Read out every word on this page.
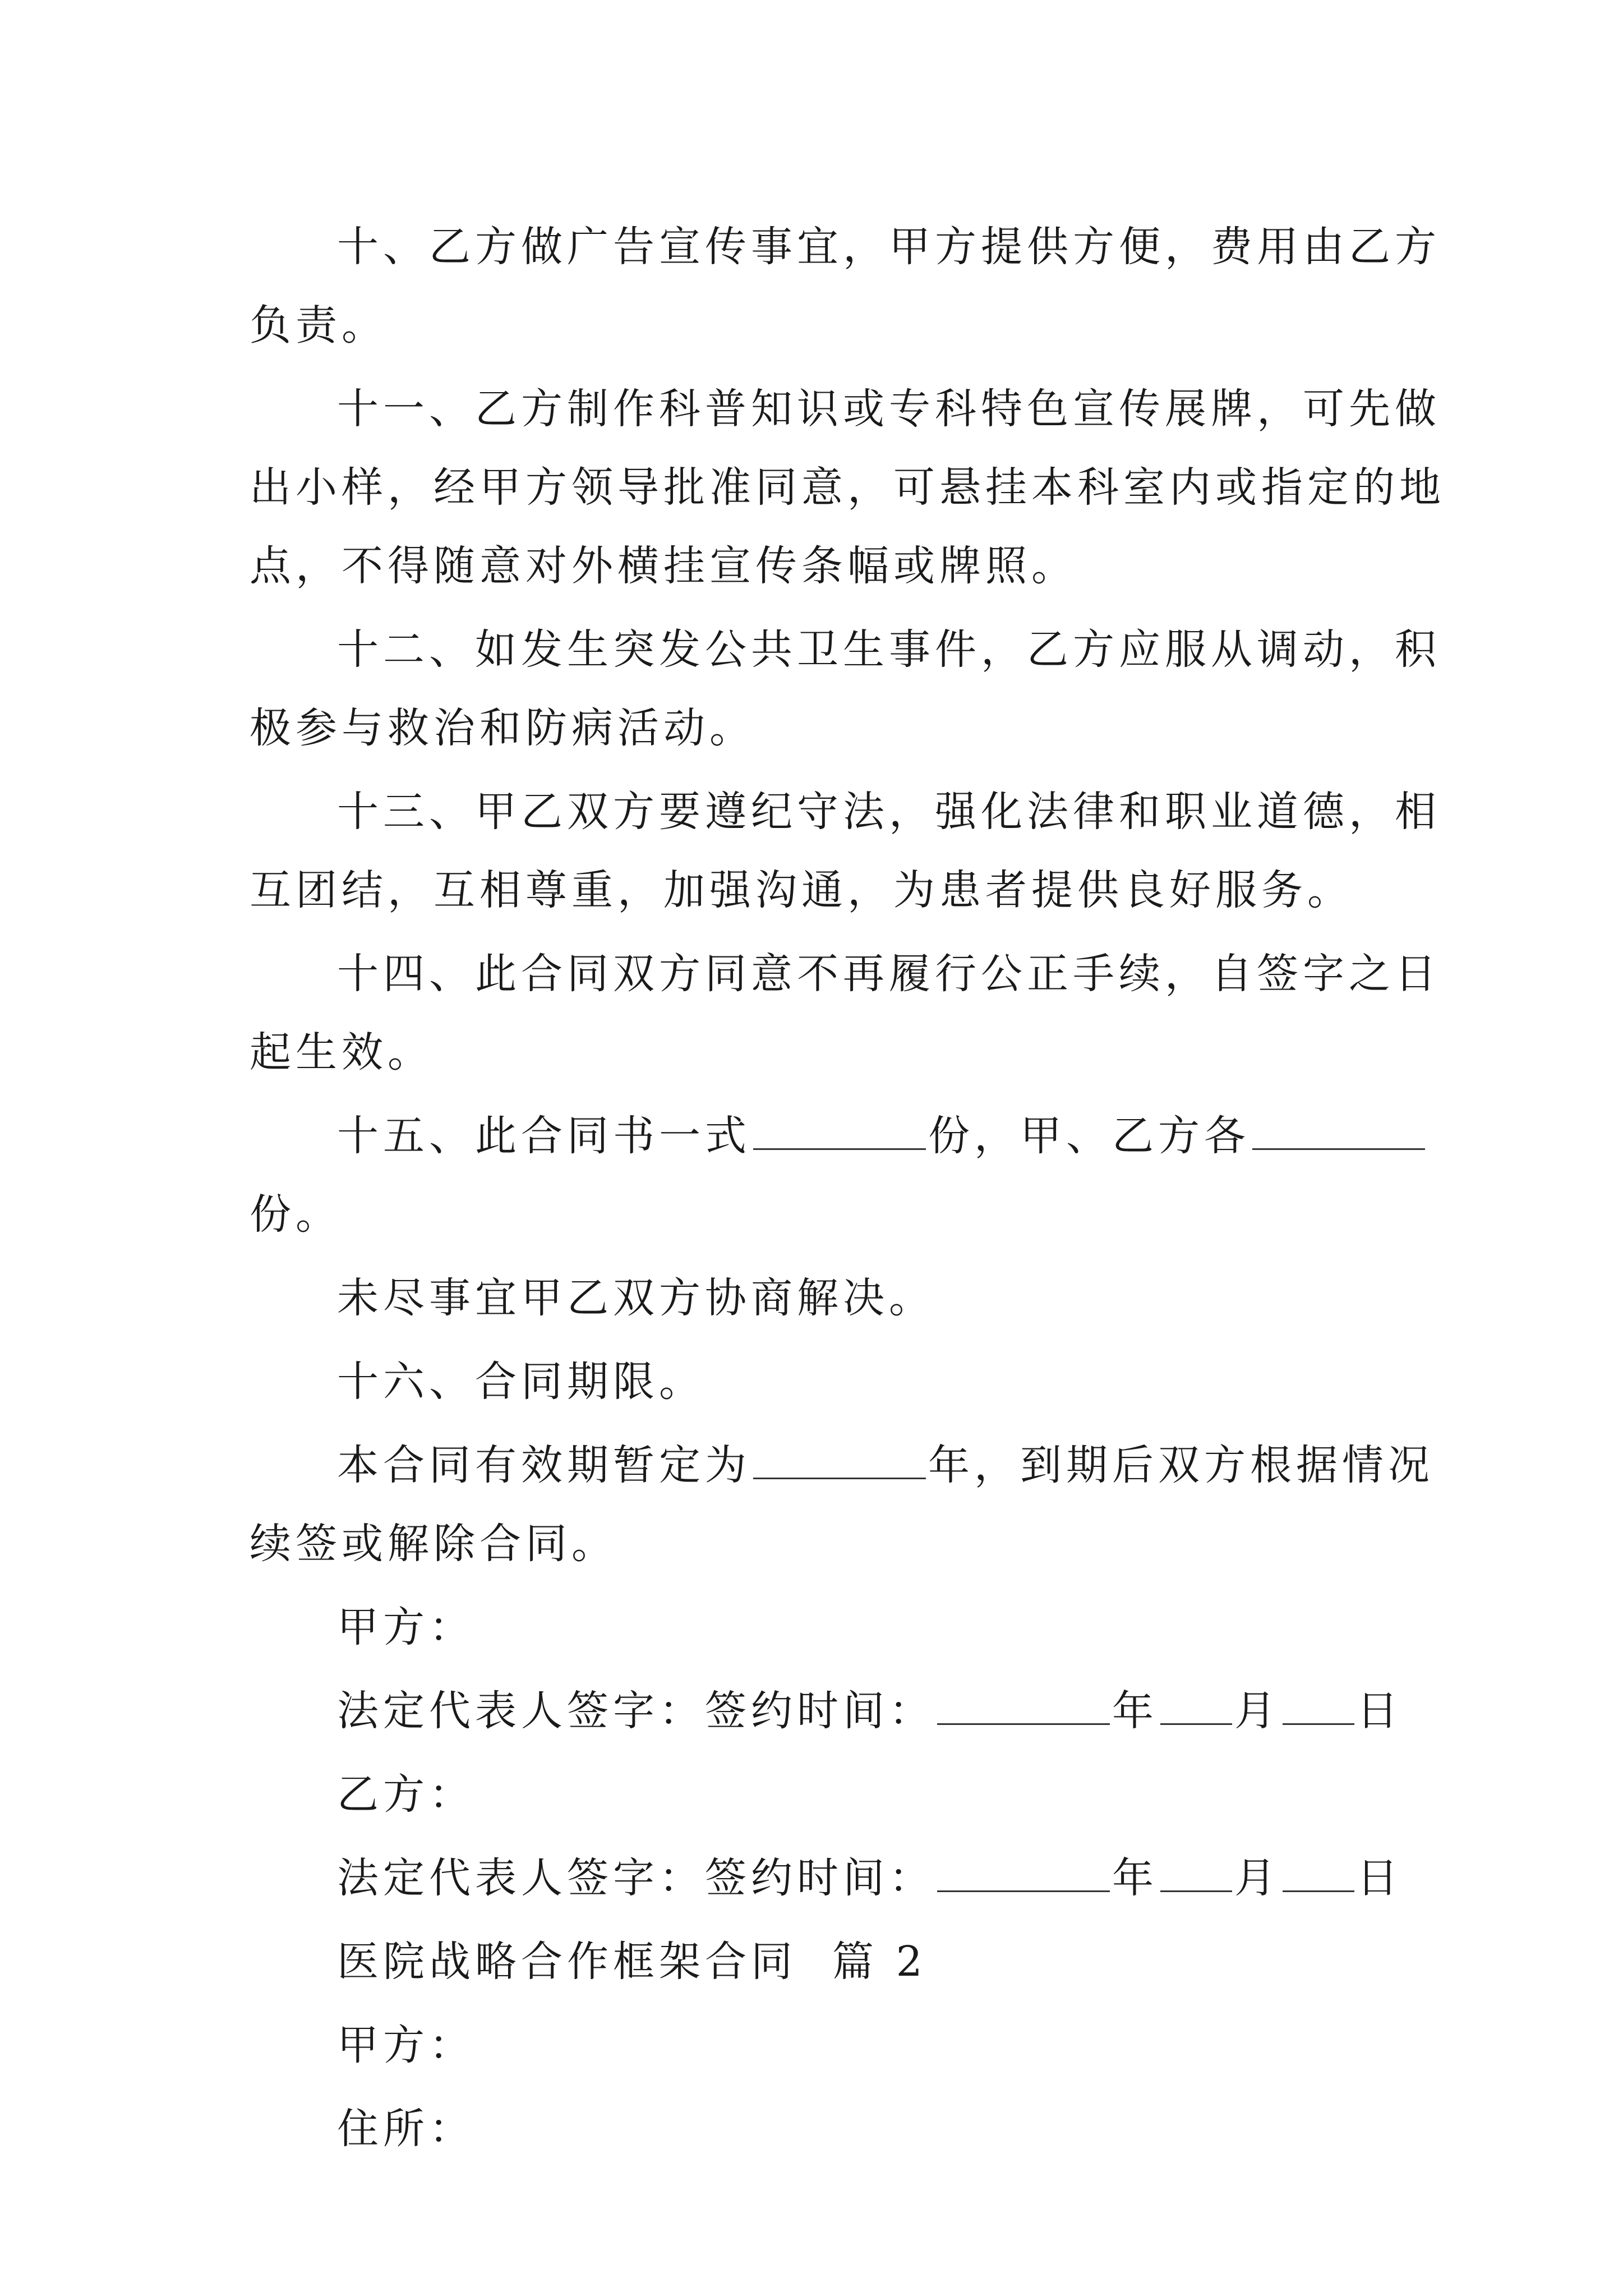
十、乙方做广告宣传事宜，甲方提供方便，费用由乙方
负责。
十一、乙方制作科普知识或专科特色宣传展牌，可先做
出小样，经甲方领导批准同意，可悬挂本科室内或指定的地
点，不得随意对外横挂宣传条幅或牌照。
十二、如发生突发公共卫生事件，乙方应服从调动，积
极参与救治和防病活动。
十三、甲乙双方要遵纪守法，强化法律和职业道德，相
互团结，互相尊重，加强沟通，为患者提供良好服务。
十四、此合同双方同意不再履行公正手续，自签字之日
起生效。
十五、此合同书一式	份，甲、乙方各
份。
未尽事宜甲乙双方协商解决。
十六、合同期限。
本合同有效期暂定为	年，到期后双方根据情况
续签或解除合同。
甲方：
法定代表人签字：签约时间：	年 月 日
乙方：
法定代表人签字：签约时间：	年 月 日
医院战略合作框架合同  篇 2
甲方：
住所：
